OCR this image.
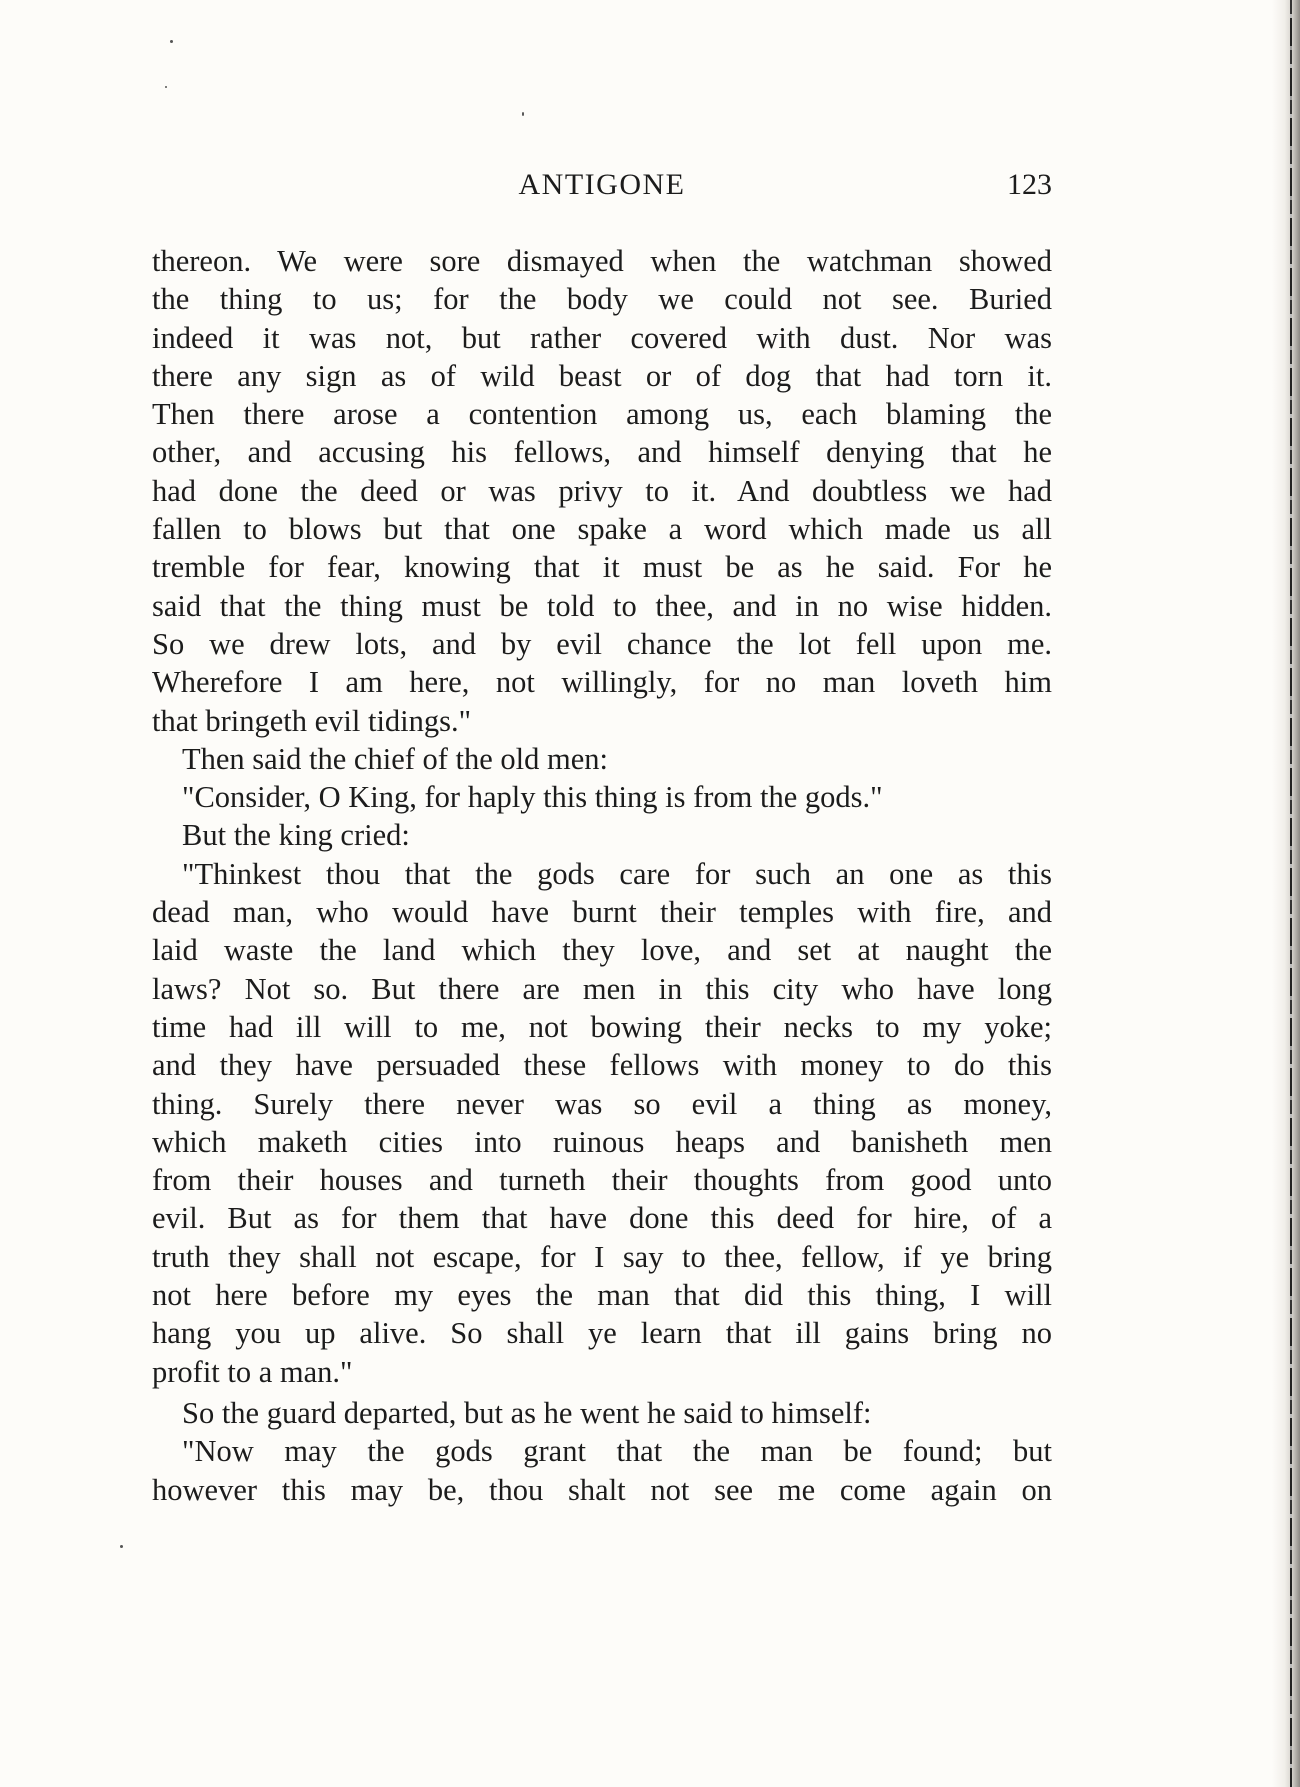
ANTIGONE	123
thereon. We were sore dismayed when the watchman showed
the thing to us; for the body we could not see. Buried
indeed it was not, but rather covered with dust. Nor was
there any sign as of wild beast or of dog that had torn it.
Then there arose a contention among us, each blaming the
other, and accusing his fellows, and himself denying that he
had done the deed or was privy to it. And doubtless we had
fallen to blows but that one spake a word which made us all
tremble for fear, knowing that it must be as he said. For he
said that the thing must be told to thee, and in no wise hidden.
So we drew lots, and by evil chance the lot fell upon me.
Wherefore I am here, not willingly, for no man loveth him
that bringeth evil tidings."
Then said the chief of the old men:
"Consider, O King, for haply this thing is from the gods."
But the king cried:
"Thinkest thou that the gods care for such an one as this
dead man, who would have burnt their temples with fire, and
laid waste the land which they love, and set at naught the
laws? Not so. But there are men in this city who have long
time had ill will to me, not bowing their necks to my yoke;
and they have persuaded these fellows with money to do this
thing. Surely there never was so evil a thing as money,
which maketh cities into ruinous heaps and banisheth men
from their houses and turneth their thoughts from good unto
evil. But as for them that have done this deed for hire, of a
truth they shall not escape, for I say to thee, fellow, if ye bring
not here before my eyes the man that did this thing, I will
hang you up alive. So shall ye learn that ill gains bring no
profit to a man."
So the guard departed, but as he went he said to himself:
"Now may the gods grant that the man be found; but
however this may be, thou shalt not see me come again on
